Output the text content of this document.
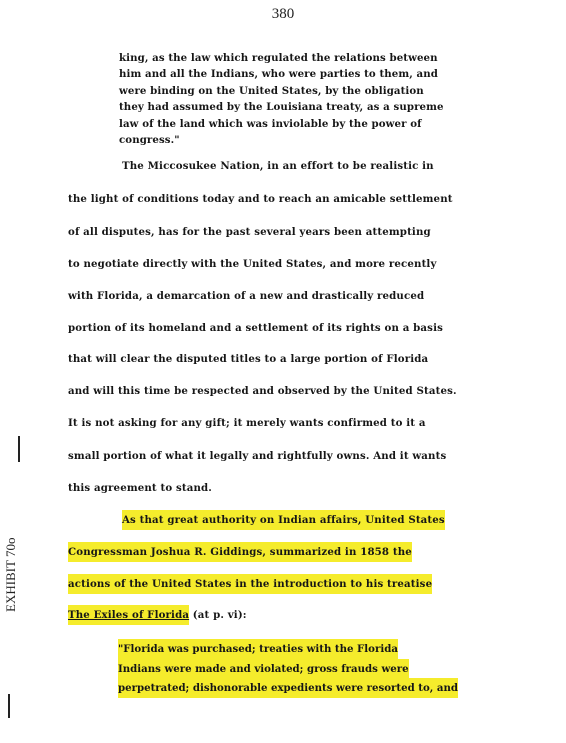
380
king, as the law which regulated the relations between
him and all the Indians, who were parties to them, and
were binding on the United States, by the obligation
they had assumed by the Louisiana treaty, as a supreme
law of the land which was inviolable by the power of
congress."
The Miccosukee Nation, in an effort to be realistic in
the light of conditions today and to reach an amicable settlement
of all disputes, has for the past several years been attempting
to negotiate directly with the United States, and more recently
with Florida, a demarcation of a new and drastically reduced
portion of its homeland and a settlement of its rights on a basis
that will clear the disputed titles to a large portion of Florida
and will this time be respected and observed by the United States.
It is not asking for any gift; it merely wants confirmed to it a
small portion of what it legally and rightfully owns. And it wants
this agreement to stand.
As that great authority on Indian affairs, United States
Congressman Joshua R. Giddings, summarized in 1858 the
actions of the United States in the introduction to his treatise
The Exiles of Florida (at p. vi):
"Florida was purchased; treaties with the Florida
Indians were made and violated; gross frauds were
perpetrated; dishonorable expedients were resorted to, and
EXHIBIT 70o
